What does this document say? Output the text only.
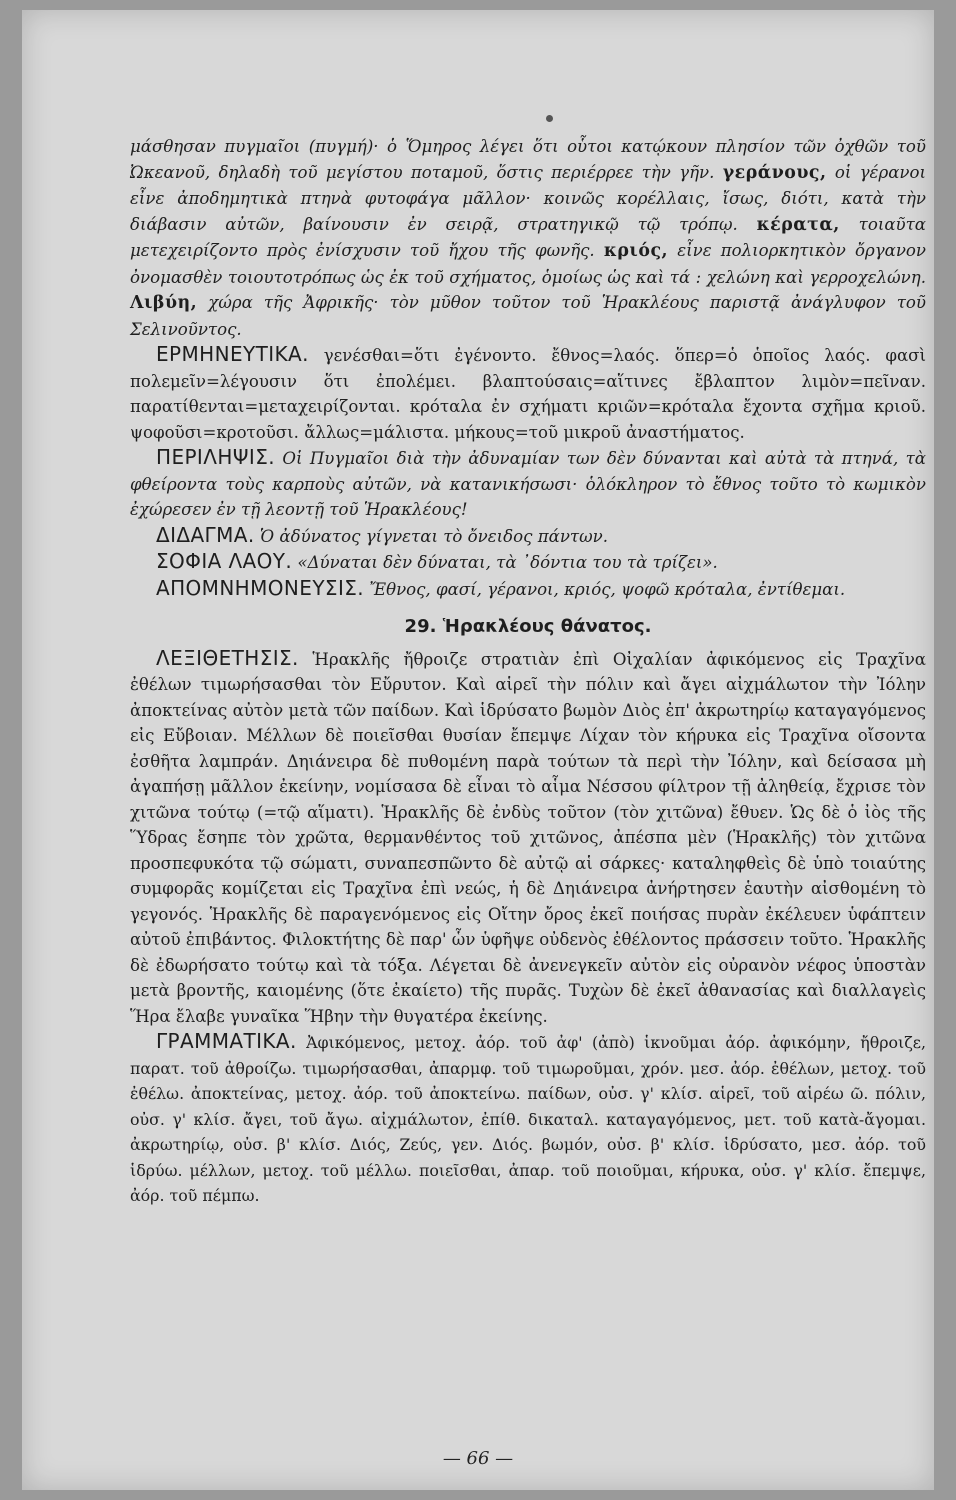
μάσθησαν πυγμαῖοι (πυγμή)· ὁ Ὅμηρος λέγει ὅτι οὗτοι κατῴκουν πλησίον τῶν ὀχθῶν τοῦ Ὠκεανοῦ, δηλαδὴ τοῦ μεγίστου ποταμοῦ, ὅστις περιέρρεε τὴν γῆν. γεράνους, οἱ γέρανοι εἶνε ἀποδημητικὰ πτηνὰ φυτοφάγα μᾶλλον· κοινῶς κορέλλαις, ἴσως, διότι, κατὰ τὴν διάβασιν αὐτῶν, βαίνουσιν ἐν σειρᾷ, στρατηγικῷ τῷ τρόπῳ. κέρατα, τοιαῦτα μετεχειρίζοντο πρὸς ἐνίσχυσιν τοῦ ἤχου τῆς φωνῆς. κριός, εἶνε πολιορκητικὸν ὄργανον ὀνομασθὲν τοιουτοτρόπως ὡς ἐκ τοῦ σχήματος, ὁμοίως ὡς καὶ τά : χελώνη καὶ γερροχελώνη. Λιβύη, χώρα τῆς Ἀφρικῆς· τὸν μῦθον τοῦτον τοῦ Ἡρακλέους παριστᾷ ἀνάγλυφον τοῦ Σελινοῦντος.

ΕΡΜΗΝΕΥΤΙΚΑ. γενέσθαι=ὅτι ἐγένοντο. ἔθνος=λαός. ὅπερ=ὁ ὁποῖος λαός. φασὶ πολεμεῖν=λέγουσιν ὅτι ἐπολέμει. βλαπτούσαις=αἵτινες ἔβλαπτον λιμὸν=πεῖναν. παρατίθενται=μεταχειρίζονται. κρόταλα ἐν σχήματι κριῶν=κρόταλα ἔχοντα σχῆμα κριοῦ. ψοφοῦσι=κροτοῦσι. ἄλλως=μάλιστα. μήκους=τοῦ μικροῦ ἀναστήματος.

ΠΕΡΙΛΗΨΙΣ. Οἱ Πυγμαῖοι διὰ τὴν ἀδυναμίαν των δὲν δύνανται καὶ αὐτὰ τὰ πτηνά, τὰ φθείροντα τοὺς καρποὺς αὐτῶν, νὰ κατανικήσωσι· ὁλόκληρον τὸ ἔθνος τοῦτο τὸ κωμικὸν ἐχώρεσεν ἐν τῇ λεοντῇ τοῦ Ἡρακλέους!

ΔΙΔΑΓΜΑ. Ὁ ἀδύνατος γίγνεται τὸ ὄνειδος πάντων.

ΣΟΦΙΑ ΛΑΟΥ. «Δύναται δὲν δύναται, τὰ ᾽δόντια του τὰ τρίζει».

ΑΠΟΜΝΗΜΟΝΕΥΣΙΣ. Ἔθνος, φασί, γέρανοι, κριός, ψοφῶ κρόταλα, ἐντίθεμαι.

29. Ἡρακλέους θάνατος.

ΛΕΞΙΘΕΤΗΣΙΣ. Ἡρακλῆς ἤθροιζε στρατιὰν ἐπὶ Οἰχαλίαν ἀφικόμενος εἰς Τραχῖνα ἐθέλων τιμωρήσασθαι τὸν Εὔρυτον. Καὶ αἱρεῖ τὴν πόλιν καὶ ἄγει αἰχμάλωτον τὴν Ἰόλην ἀποκτείνας αὐτὸν μετὰ τῶν παίδων. Καὶ ἱδρύσατο βωμὸν Διὸς ἐπ' ἀκρωτηρίῳ καταγαγόμενος εἰς Εὔβοιαν. Μέλλων δὲ ποιεῖσθαι θυσίαν ἔπεμψε Λίχαν τὸν κήρυκα εἰς Τραχῖνα οἴσοντα ἐσθῆτα λαμπράν. Δηιάνειρα δὲ πυθομένη παρὰ τούτων τὰ περὶ τὴν Ἰόλην, καὶ δείσασα μὴ ἀγαπήσῃ μᾶλλον ἐκείνην, νομίσασα δὲ εἶναι τὸ αἷμα Νέσσου φίλτρον τῇ ἀληθείᾳ, ἔχρισε τὸν χιτῶνα τούτῳ (=τῷ αἵματι). Ἡρακλῆς δὲ ἐνδὺς τοῦτον (τὸν χιτῶνα) ἔθυεν. Ὡς δὲ ὁ ἰὸς τῆς Ὕδρας ἔσηπε τὸν χρῶτα, θερμανθέντος τοῦ χιτῶνος, ἀπέσπα μὲν (Ἡρακλῆς) τὸν χιτῶνα προσπεφυκότα τῷ σώματι, συναπεσπῶντο δὲ αὐτῷ αἱ σάρκες· καταληφθεὶς δὲ ὑπὸ τοιαύτης συμφορᾶς κομίζεται εἰς Τραχῖνα ἐπὶ νεώς, ἡ δὲ Δηιάνειρα ἀνήρτησεν ἑαυτὴν αἰσθομένη τὸ γεγονός. Ἡρακλῆς δὲ παραγενόμενος εἰς Οἴτην ὄρος ἐκεῖ ποιήσας πυρὰν ἐκέλευεν ὑφάπτειν αὐτοῦ ἐπιβάντος. Φιλοκτήτης δὲ παρ' ὧν ὑφῆψε οὐδενὸς ἐθέλοντος πράσσειν τοῦτο. Ἡρακλῆς δὲ ἐδωρήσατο τούτῳ καὶ τὰ τόξα. Λέγεται δὲ ἀνενεγκεῖν αὐτὸν εἰς οὐρανὸν νέφος ὑποστὰν μετὰ βροντῆς, καιομένης (ὅτε ἐκαίετο) τῆς πυρᾶς. Τυχὼν δὲ ἐκεῖ ἀθανασίας καὶ διαλλαγεὶς Ἥρα ἔλαβε γυναῖκα Ἥβην τὴν θυγατέρα ἐκείνης.

ΓΡΑΜΜΑΤΙΚΑ. Ἀφικόμενος, μετοχ. ἀόρ. τοῦ ἀφ' (ἀπὸ) ἱκνοῦμαι ἀόρ. ἀφικόμην, ἤθροιζε, παρατ. τοῦ ἀθροίζω. τιμωρήσασθαι, ἀπαρμφ. τοῦ τιμωροῦμαι, χρόν. μεσ. ἀόρ. ἐθέλων, μετοχ. τοῦ ἐθέλω. ἀποκτείνας, μετοχ. ἀόρ. τοῦ ἀποκτείνω. παίδων, οὐσ. γ' κλίσ. αἱρεῖ, τοῦ αἱρέω ῶ. πόλιν, οὐσ. γ' κλίσ. ἄγει, τοῦ ἄγω. αἰχμάλωτον, ἐπίθ. δικαταλ. καταγαγόμενος, μετ. τοῦ κατὰ-ἄγομαι. ἀκρωτηρίῳ, οὐσ. β' κλίσ. Διός, Ζεύς, γεν. Διός. βωμόν, οὐσ. β' κλίσ. ἱδρύσατο, μεσ. ἀόρ. τοῦ ἱδρύω. μέλλων, μετοχ. τοῦ μέλλω. ποιεῖσθαι, ἀπαρ. τοῦ ποιοῦμαι, κήρυκα, οὐσ. γ' κλίσ. ἔπεμψε, ἀόρ. τοῦ πέμπω.

— 66 —
